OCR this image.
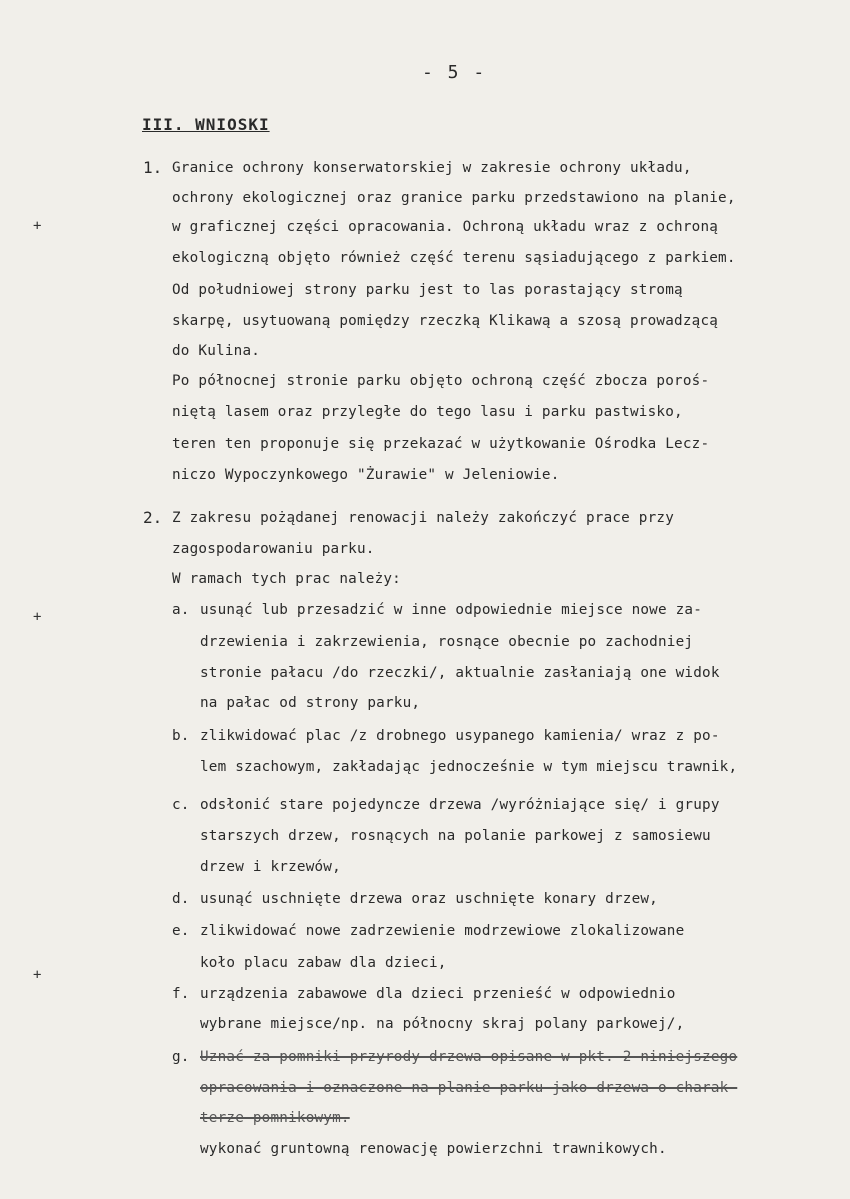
- 5 -
III. WNIOSKI
+
+
+
1. Granice ochrony konserwatorskiej w zakresie ochrony układu,
ochrony ekologicznej oraz granice parku przedstawiono na planie,
w graficznej części opracowania. Ochroną układu wraz z ochroną
ekologiczną objęto również część terenu sąsiadującego z parkiem.
Od południowej strony parku jest to las porastający stromą
skarpę, usytuowaną pomiędzy rzeczką Klikawą a szosą prowadzącą
do Kulina.
Po północnej stronie parku objęto ochroną część zbocza poroś-
niętą lasem oraz przyległe do tego lasu i parku pastwisko,
teren ten proponuje się przekazać w użytkowanie Ośrodka Lecz-
niczo Wypoczynkowego "Żurawie" w Jeleniowie.
2. Z zakresu pożądanej renowacji należy zakończyć prace przy
zagospodarowaniu parku.
W ramach tych prac należy:
a. usunąć lub przesadzić w inne odpowiednie miejsce nowe za-
drzewienia i zakrzewienia, rosnące obecnie po zachodniej
stronie pałacu /do rzeczki/, aktualnie zasłaniają one widok
na pałac od strony parku,
b. zlikwidować plac /z drobnego usypanego kamienia/ wraz z po-
lem szachowym, zakładając jednocześnie w tym miejscu trawnik,
c. odsłonić stare pojedyncze drzewa /wyróżniające się/ i grupy
starszych drzew, rosnących na polanie parkowej z samosiewu
drzew i krzewów,
d. usunąć uschnięte drzewa oraz uschnięte konary drzew,
e. zlikwidować nowe zadrzewienie modrzewiowe zlokalizowane
koło placu zabaw dla dzieci,
f. urządzenia zabawowe dla dzieci przenieść w odpowiednio
wybrane miejsce/np. na północny skraj polany parkowej/,
g. Uznać za pomniki przyrody drzewa opisane w pkt. 2 niniejszego
opracowania i oznaczone na planie parku jako drzewa o charak-
terze pomnikowym.
wykonać gruntowną renowację powierzchni trawnikowych.
